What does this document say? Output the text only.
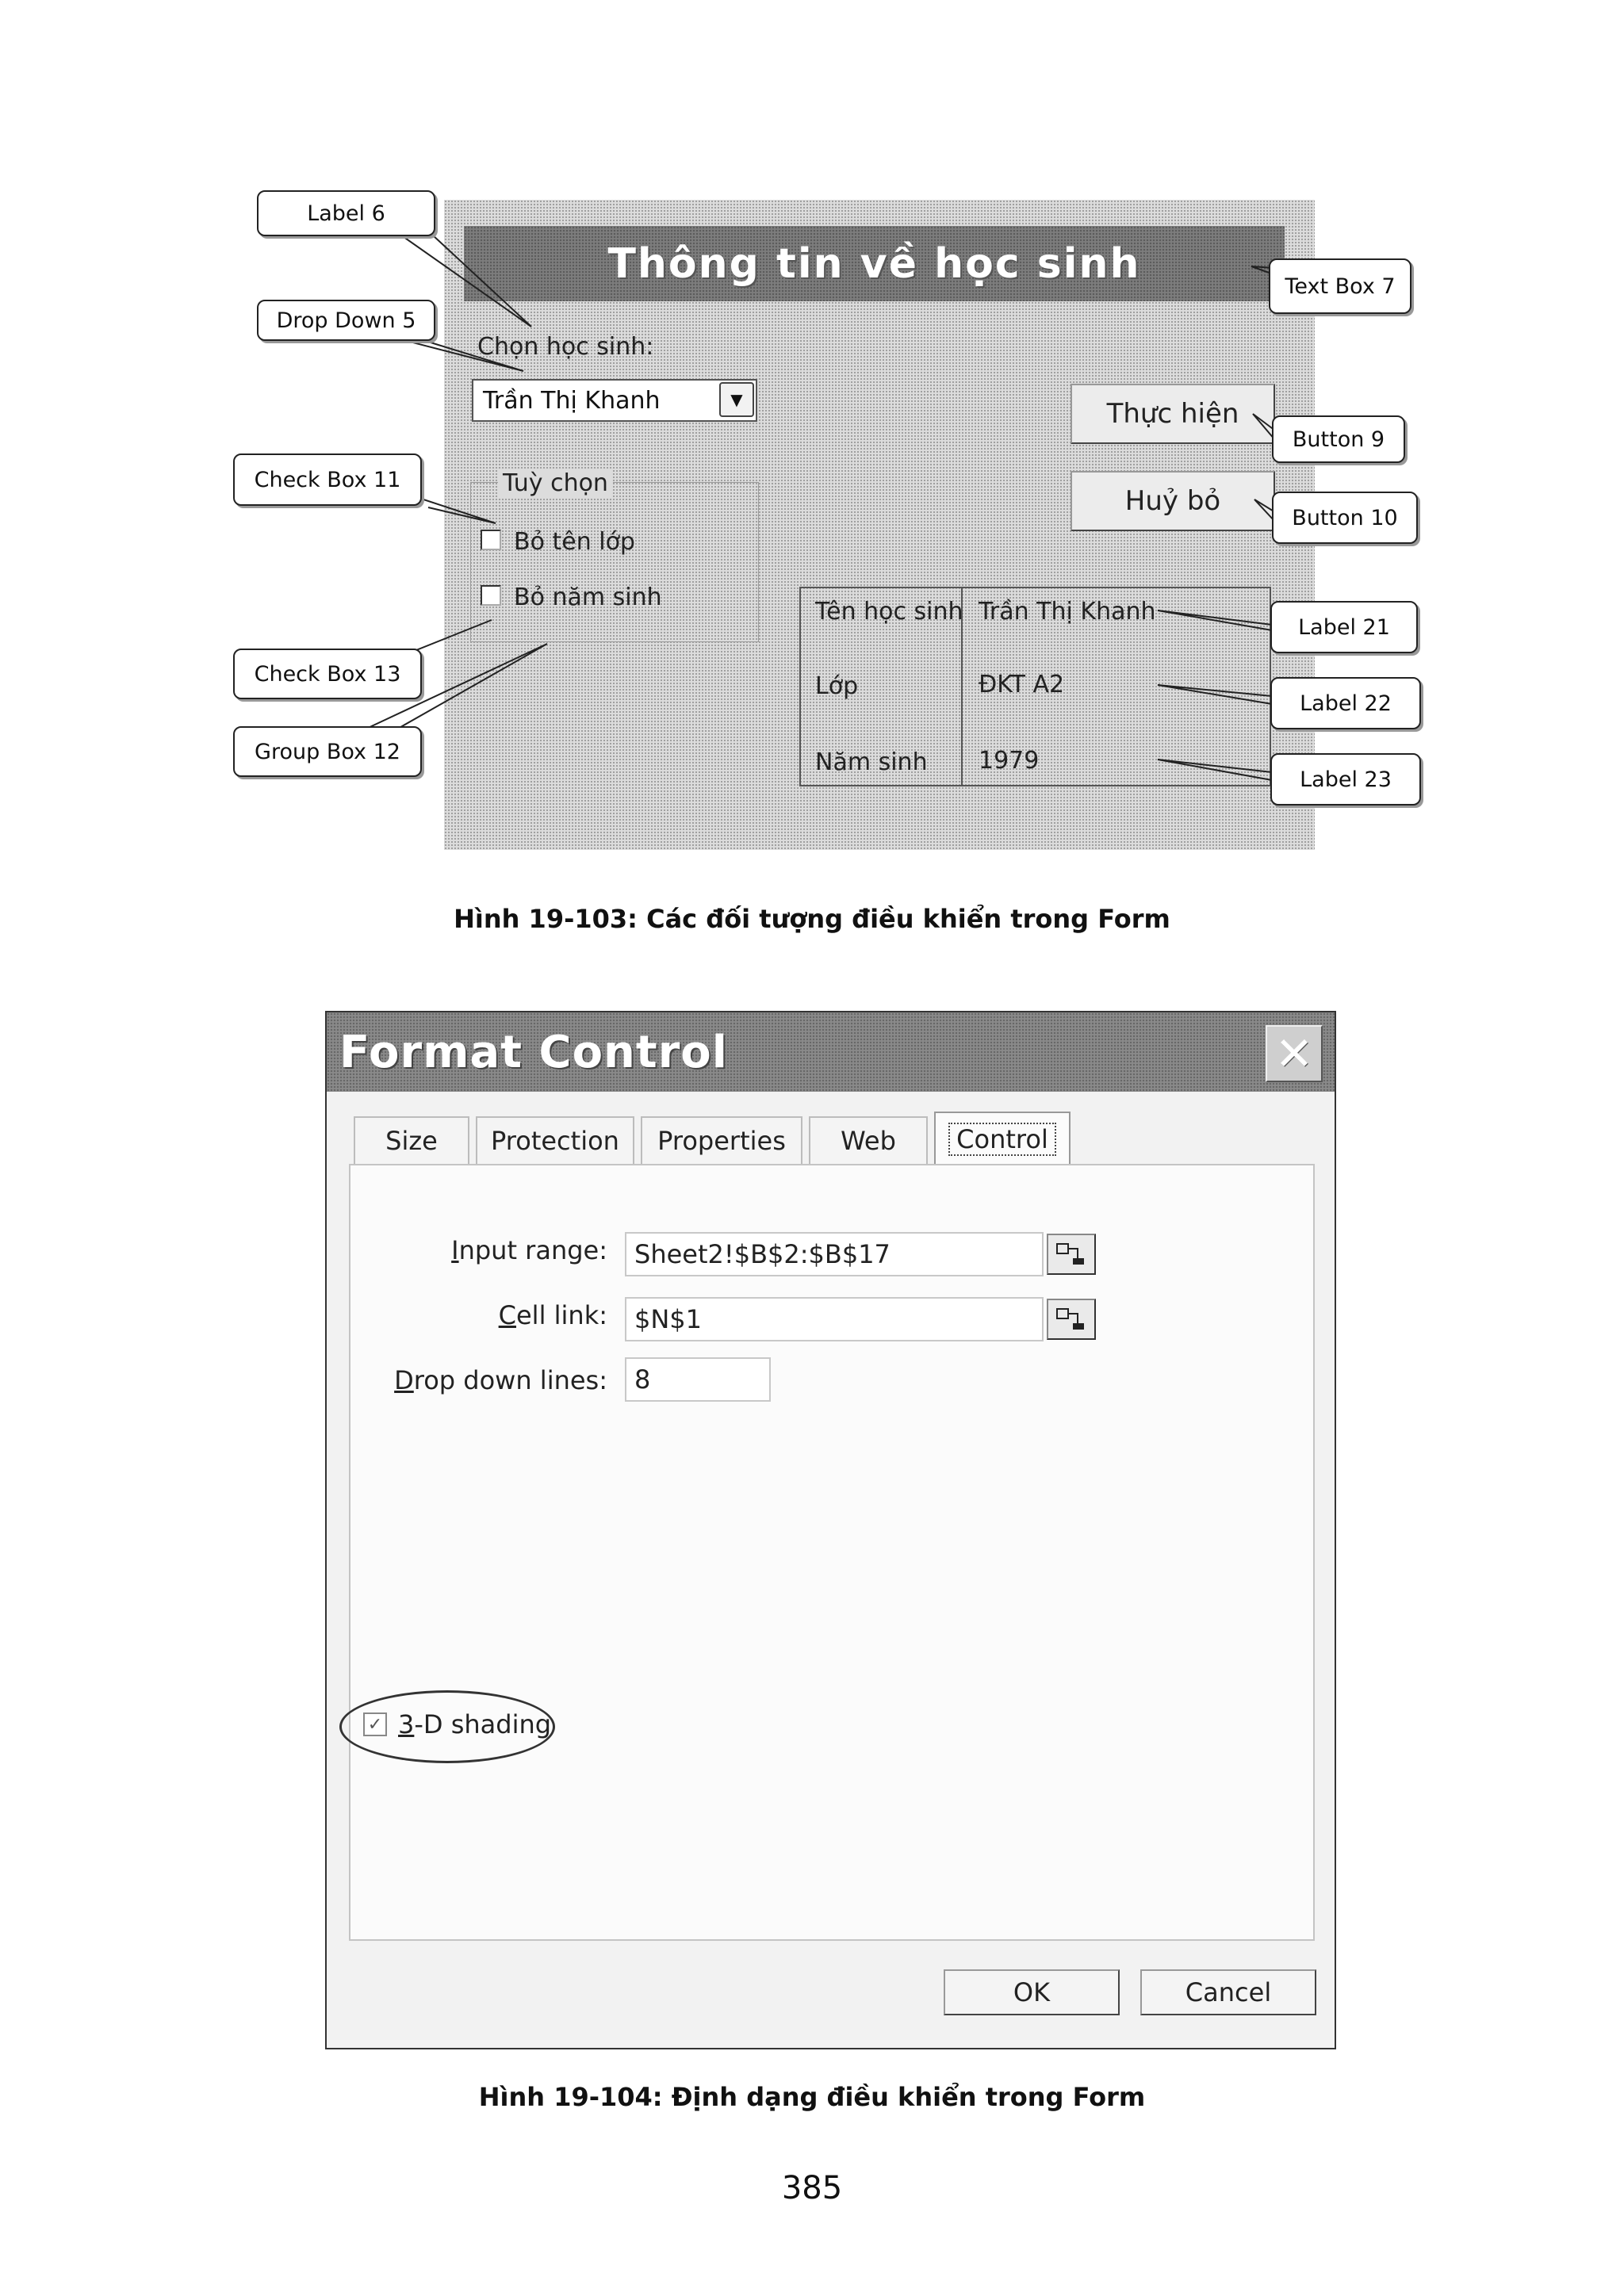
Thông tin về học sinh
Chọn học sinh:
Trần Thị Khanh	▼	Thực hiện
Huỷ bỏ
Tuỳ chọn
Bỏ tên lớp
Bỏ năm sinh
Tên học sinh Trần Thị Khanh
Lớp	ĐKT A2
Năm sinh 1979
Label 6
Drop Down 5
Check Box 11
Check Box 13
Group Box 12
Text Box 7
Button 9
Button 10
Label 21
Label 22
Label 23
Hình 19-103: Các đối tượng điều khiển trong Form
Format Control	✕
Size Protection Properties Web	Control
Input range: Sheet2!$B$2:$B$17
Cell link: $N$1
Drop down lines: 8
✓ 3-D shading
OK	Cancel
Hình 19-104: Định dạng điều khiển trong Form
385
